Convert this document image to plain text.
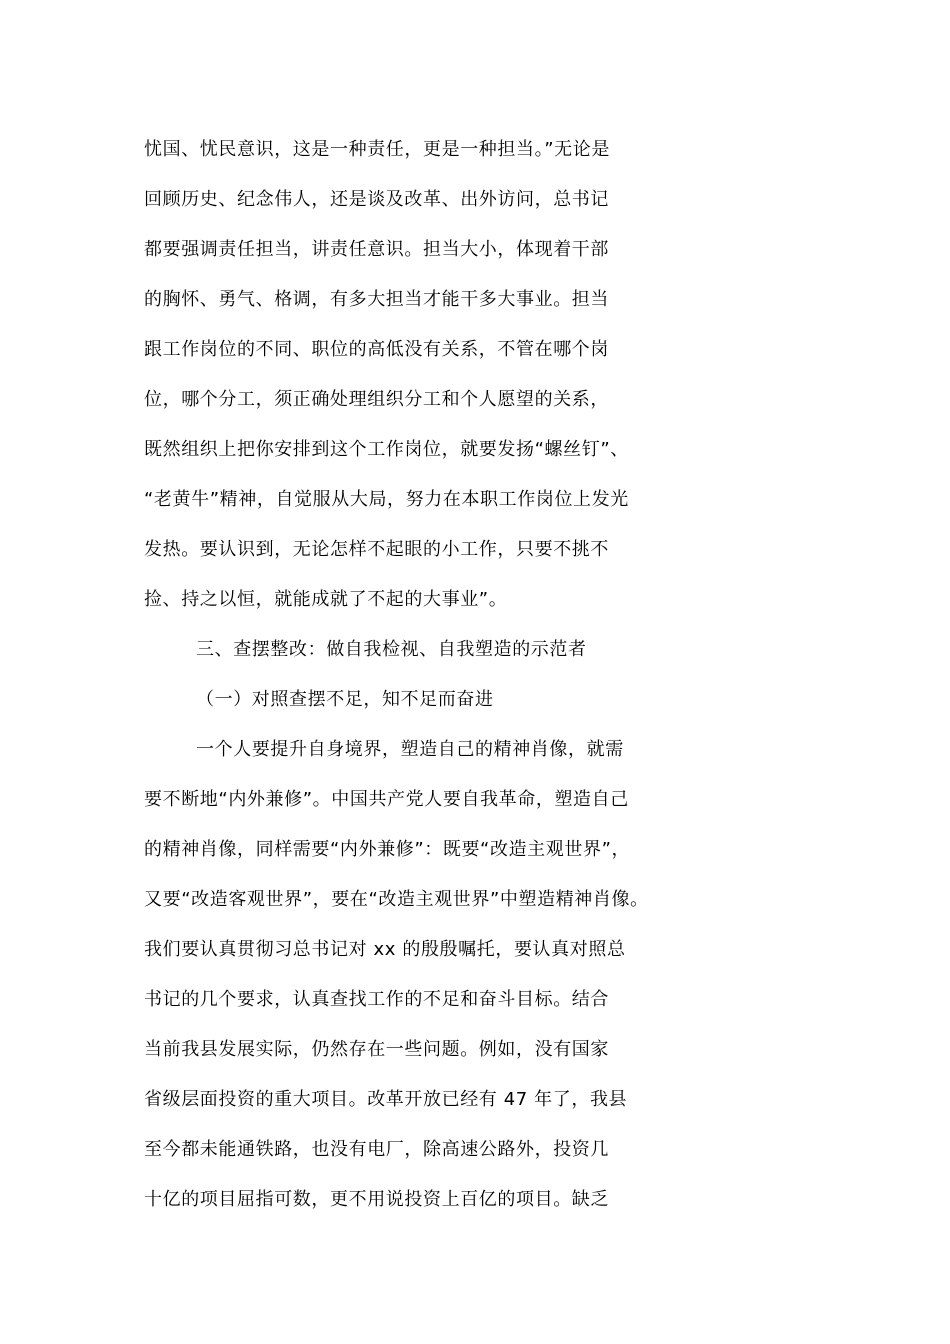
忧国、忧民意识，这是一种责任，更是一种担当。”无论是
回顾历史、纪念伟人，还是谈及改革、出外访问，总书记
都要强调责任担当，讲责任意识。担当大小，体现着干部
的胸怀、勇气、格调，有多大担当才能干多大事业。担当
跟工作岗位的不同、职位的高低没有关系，不管在哪个岗
位，哪个分工，须正确处理组织分工和个人愿望的关系，
既然组织上把你安排到这个工作岗位，就要发扬“螺丝钉”、
“老黄牛”精神，自觉服从大局，努力在本职工作岗位上发光
发热。要认识到，无论怎样不起眼的小工作，只要不挑不
捡、持之以恒，就能成就了不起的大事业”。
三、查摆整改：做自我检视、自我塑造的示范者
（一）对照查摆不足，知不足而奋进
一个人要提升自身境界，塑造自己的精神肖像，就需
要不断地“内外兼修”。中国共产党人要自我革命，塑造自己
的精神肖像，同样需要“内外兼修”：既要“改造主观世界”，
又要“改造客观世界”，要在“改造主观世界”中塑造精神肖像。
我们要认真贯彻习总书记对 xx 的殷殷嘱托，要认真对照总
书记的几个要求，认真查找工作的不足和奋斗目标。结合
当前我县发展实际，仍然存在一些问题。例如，没有国家
省级层面投资的重大项目。改革开放已经有 47 年了，我县
至今都未能通铁路，也没有电厂，除高速公路外，投资几
十亿的项目屈指可数，更不用说投资上百亿的项目。缺乏
